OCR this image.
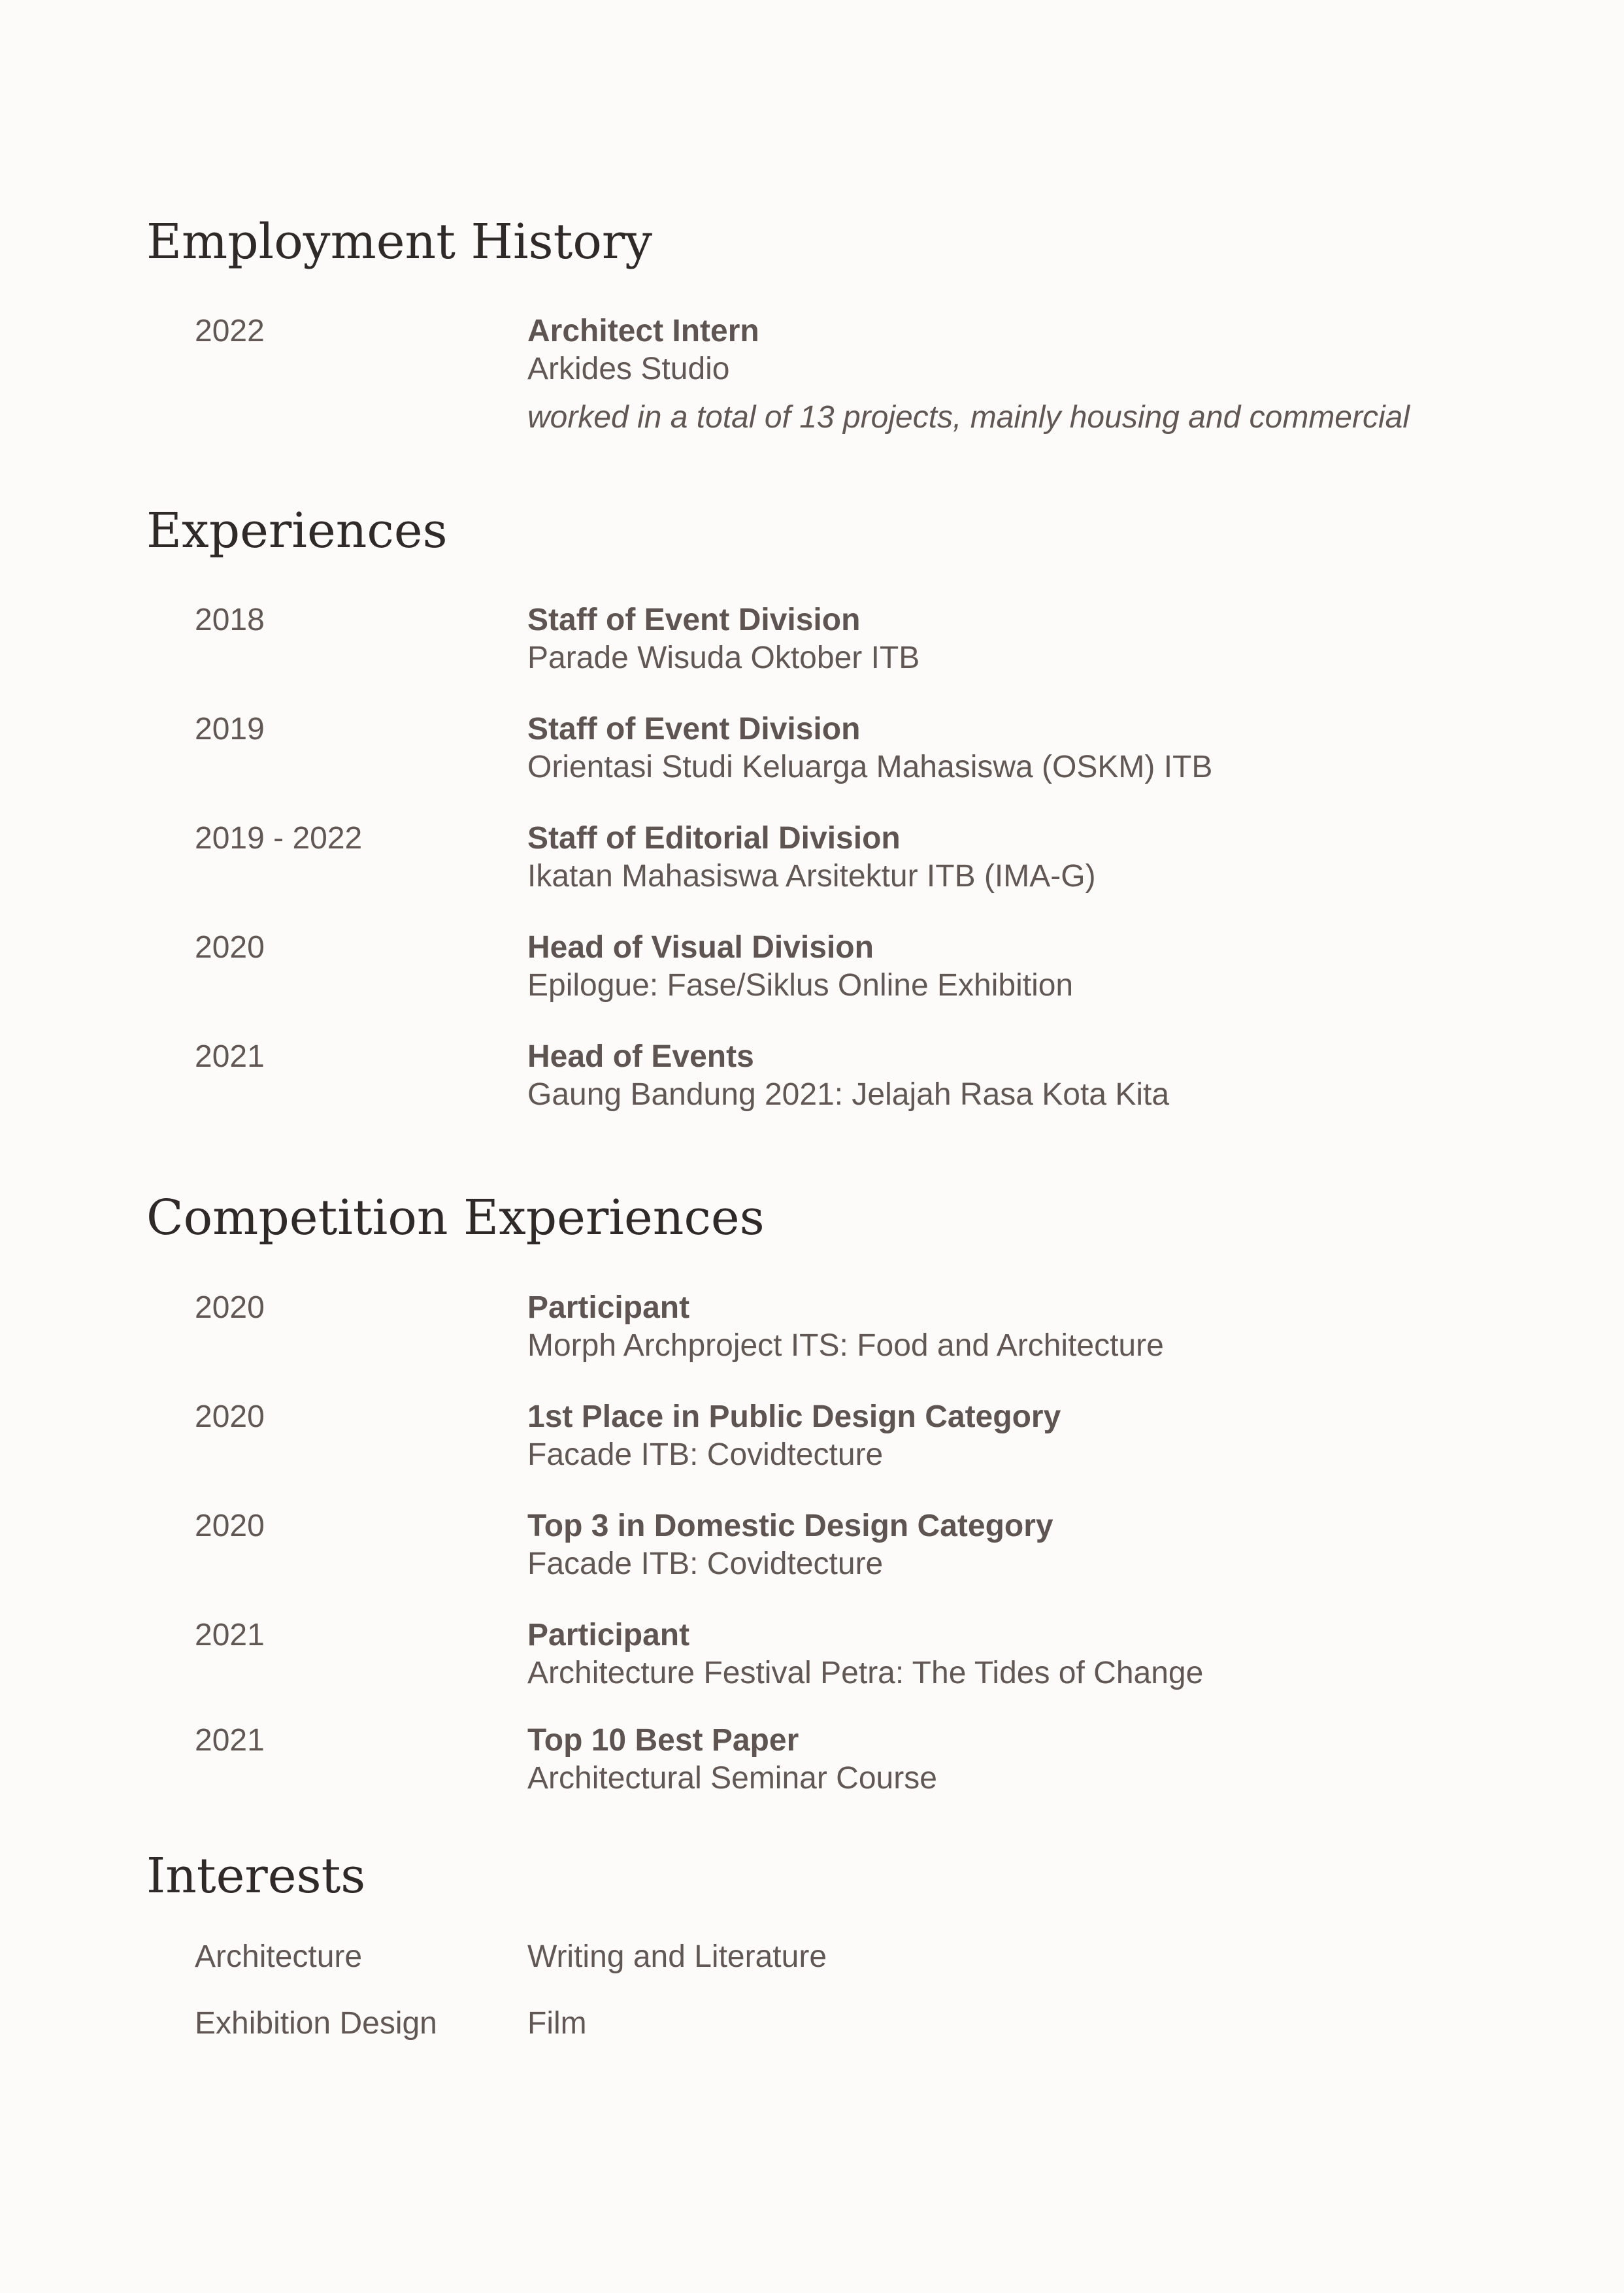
Employment History
2022	Architect Intern
Arkides Studio
worked in a total of 13 projects, mainly housing and commercial
Experiences
2018	Staff of Event Division
Parade Wisuda Oktober ITB
2019	Staff of Event Division
Orientasi Studi Keluarga Mahasiswa (OSKM) ITB
2019 - 2022	Staff of Editorial Division
Ikatan Mahasiswa Arsitektur ITB (IMA-G)
2020	Head of Visual Division
Epilogue: Fase/Siklus Online Exhibition
2021	Head of Events
Gaung Bandung 2021: Jelajah Rasa Kota Kita
Competition Experiences
2020	Participant
Morph Archproject ITS: Food and Architecture
2020	1st Place in Public Design Category
Facade ITB: Covidtecture
2020	Top 3 in Domestic Design Category
Facade ITB: Covidtecture
2021	Participant
Architecture Festival Petra: The Tides of Change
2021	Top 10 Best Paper
Architectural Seminar Course
Interests
Architecture	Writing and Literature
Exhibition Design	Film
